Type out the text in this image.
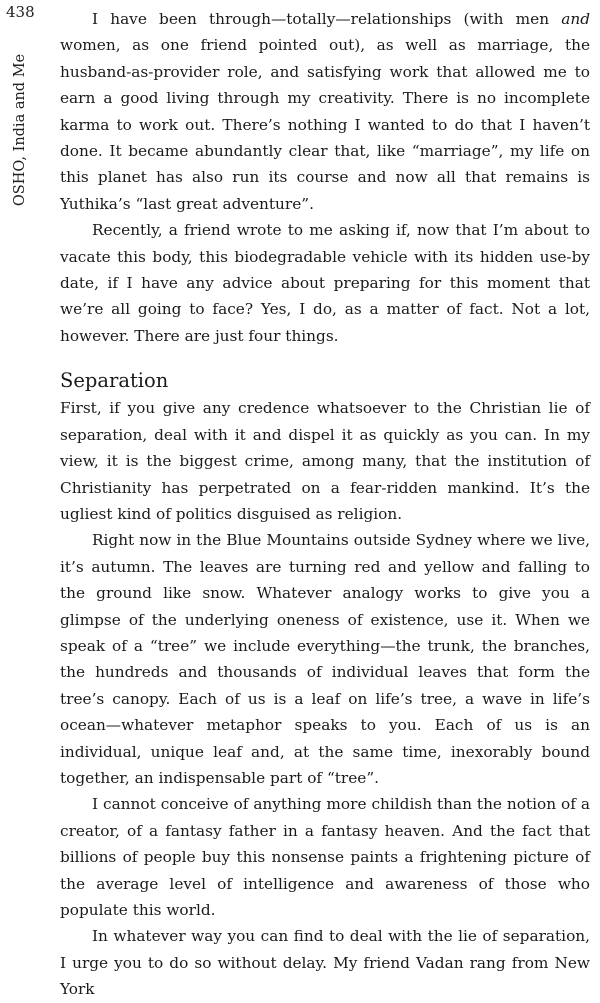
438
OSHO, India and Me

I have been through—totally—relationships (with men and women, as one friend pointed out), as well as marriage, the husband-as-provider role, and satisfying work that allowed me to earn a good living through my creativity. There is no incomplete karma to work out. There’s nothing I wanted to do that I haven’t done. It became abundantly clear that, like “marriage”, my life on this planet has also run its course and now all that remains is Yuthika’s “last great adventure”.

Recently, a friend wrote to me asking if, now that I’m about to vacate this body, this biodegradable vehicle with its hidden use-by date, if I have any advice about preparing for this moment that we’re all going to face? Yes, I do, as a matter of fact. Not a lot, however. There are just four things.

Separation

First, if you give any credence whatsoever to the Christian lie of separation, deal with it and dispel it as quickly as you can. In my view, it is the biggest crime, among many, that the institution of Christianity has perpetrated on a fear-ridden mankind. It’s the ugliest kind of politics disguised as religion.

Right now in the Blue Mountains outside Sydney where we live, it’s autumn. The leaves are turning red and yellow and falling to the ground like snow. Whatever analogy works to give you a glimpse of the underlying oneness of existence, use it. When we speak of a “tree” we include everything—the trunk, the branches, the hundreds and thousands of individual leaves that form the tree’s canopy. Each of us is a leaf on life’s tree, a wave in life’s ocean—whatever metaphor speaks to you. Each of us is an individual, unique leaf and, at the same time, inexorably bound together, an indispensable part of “tree”.

I cannot conceive of anything more childish than the notion of a creator, of a fantasy father in a fantasy heaven. And the fact that billions of people buy this nonsense paints a frightening picture of the average level of intelligence and awareness of those who populate this world.

In whatever way you can find to deal with the lie of separation, I urge you to do so without delay. My friend Vadan rang from New York
